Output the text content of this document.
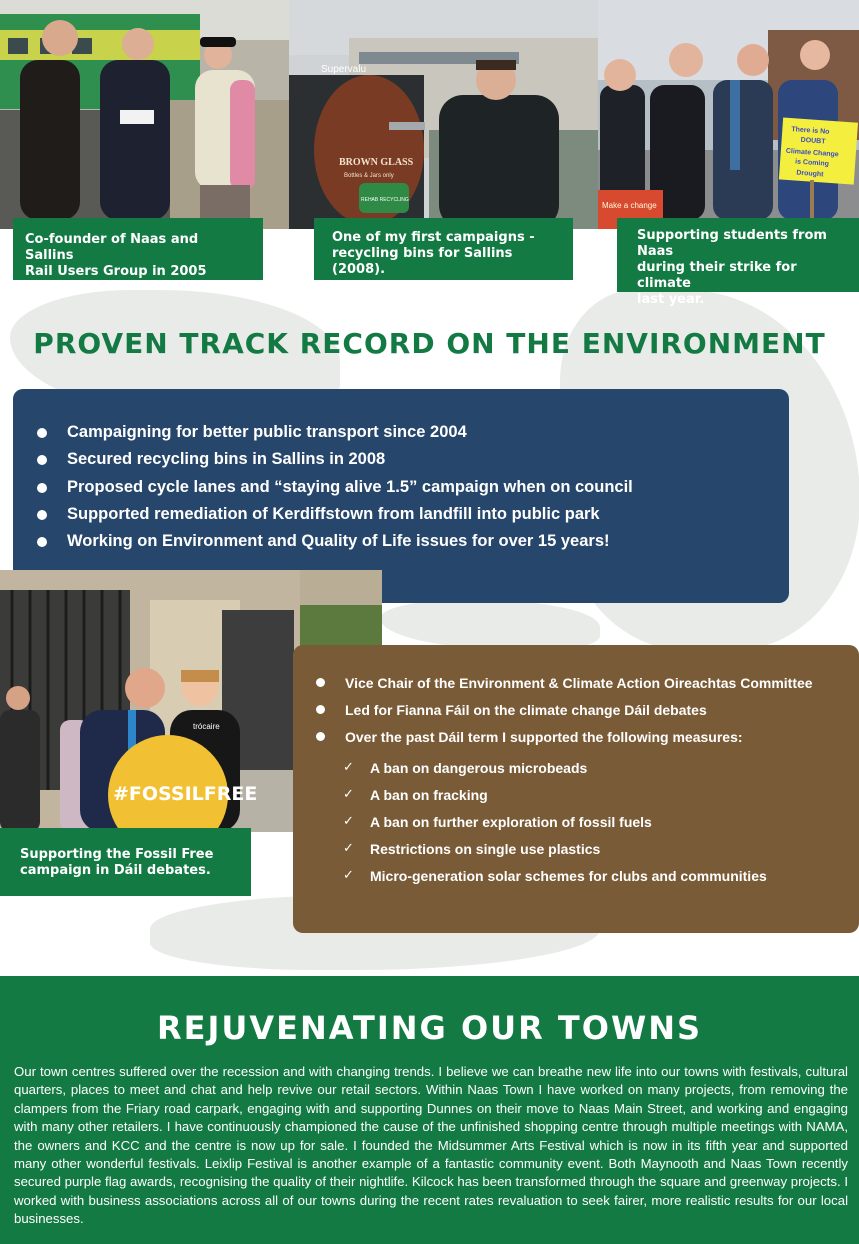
Supervalu
BROWN GLASS
Bottles & Jars only
REHAB RECYCLING
Make a change
There is No
DOUBT
Climate Change
is Coming
Drought
Co-founder of Naas and Sallins
Rail Users Group in 2005
One of my first campaigns -
recycling bins for Sallins (2008).
Supporting students from Naas
during their strike for climate
last year.
PROVEN TRACK RECORD ON THE ENVIRONMENT
Campaigning for better public transport since 2004
Secured recycling bins in Sallins in 2008
Proposed cycle lanes and “staying alive 1.5” campaign when on council
Supported remediation of Kerdiffstown from landfill into public park
Working on Environment and Quality of Life issues for over 15 years!
trócaire
#FOSSILFREE
Supporting the Fossil Free
campaign in Dáil debates.
Vice Chair of the Environment & Climate Action Oireachtas Committee
Led for Fianna Fáil on the climate change Dáil debates
Over the past Dáil term I supported the following measures:
✓ A ban on dangerous microbeads
✓ A ban on fracking
✓ A ban on further exploration of fossil fuels
✓ Restrictions on single use plastics
✓ Micro-generation solar schemes for clubs and communities
REJUVENATING OUR TOWNS
Our town centres suffered over the recession and with changing trends. I believe we can breathe new life into our towns with festivals, cultural quarters, places to meet and chat and help revive our retail sectors. Within Naas Town I have worked on many projects, from removing the clampers from the Friary road carpark, engaging with and supporting Dunnes on their move to Naas Main Street, and working and engaging with many other retailers. I have continuously championed the cause of the unfinished shopping centre through multiple meetings with NAMA, the owners and KCC and the centre is now up for sale. I founded the Midsummer Arts Festival which is now in its fifth year and supported many other wonderful festivals. Leixlip Festival is another example of a fantastic community event. Both Maynooth and Naas Town recently secured purple flag awards, recognising the quality of their nightlife. Kilcock has been transformed through the square and greenway projects. I worked with business associations across all of our towns during the recent rates revaluation to seek fairer, more realistic results for our local businesses.
